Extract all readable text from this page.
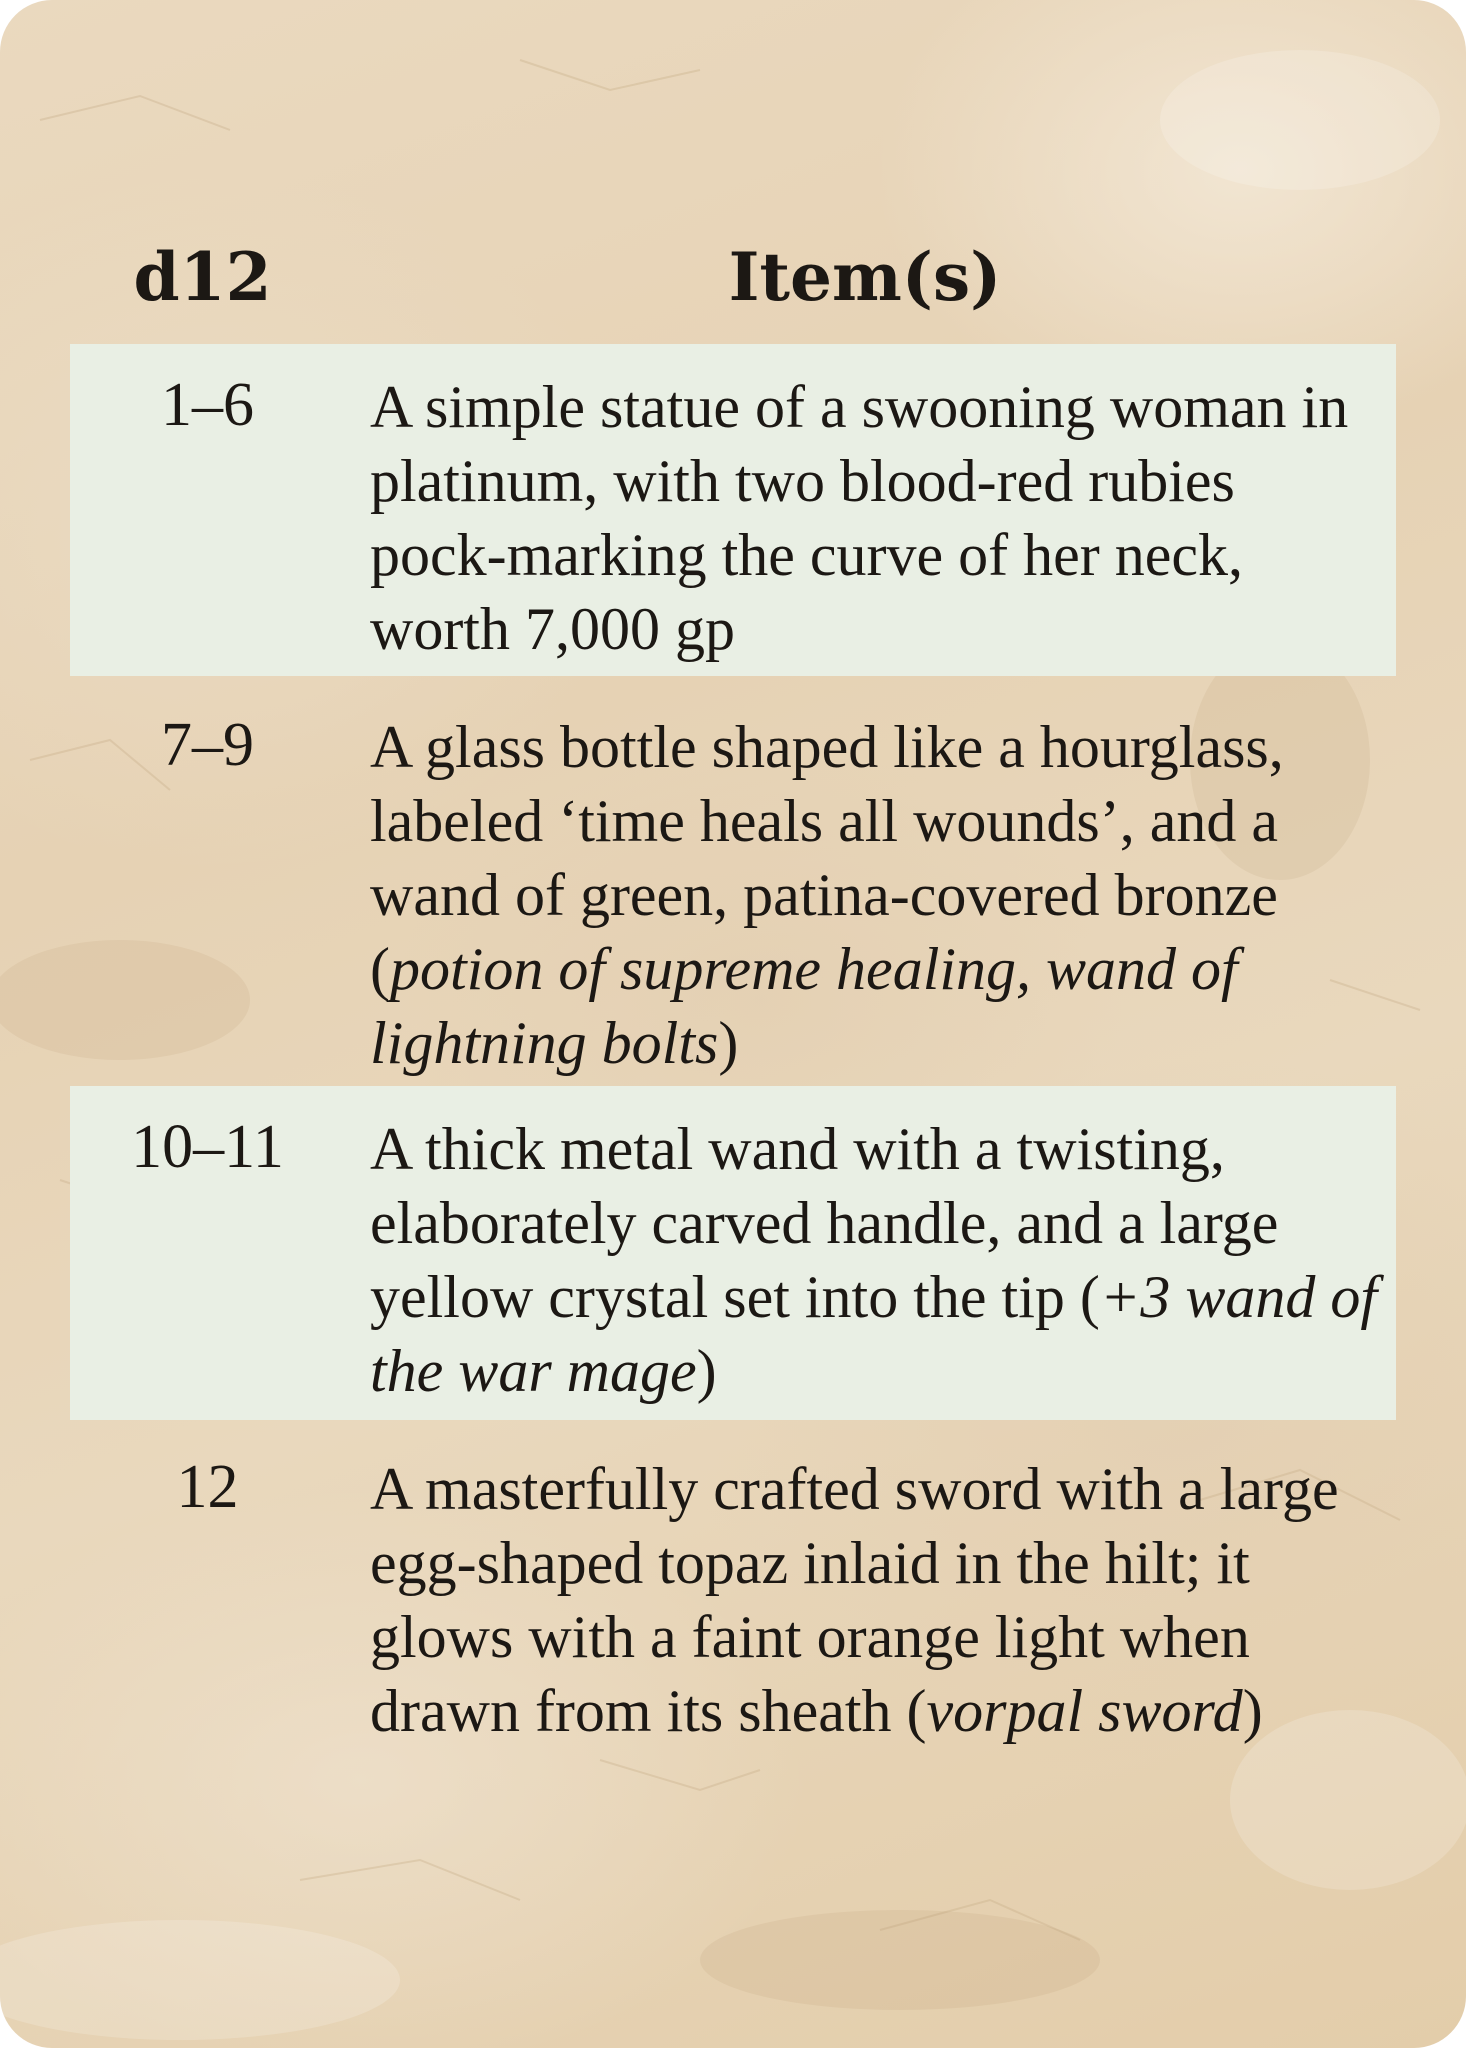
d12	Item(s)
1–6	A simple statue of a swooning woman in platinum, with two blood-red rubies pock-marking the curve of her neck, worth 7,000 gp
7–9	A glass bottle shaped like a hourglass, labeled ‘time heals all wounds’, and a wand of green, patina-covered bronze (potion of supreme healing, wand of lightning bolts)
10–11	A thick metal wand with a twisting, elaborately carved handle, and a large yellow crystal set into the tip (+3 wand of the war mage)
12	A masterfully crafted sword with a large egg-shaped topaz inlaid in the hilt; it glows with a faint orange light when drawn from its sheath (vorpal sword)
